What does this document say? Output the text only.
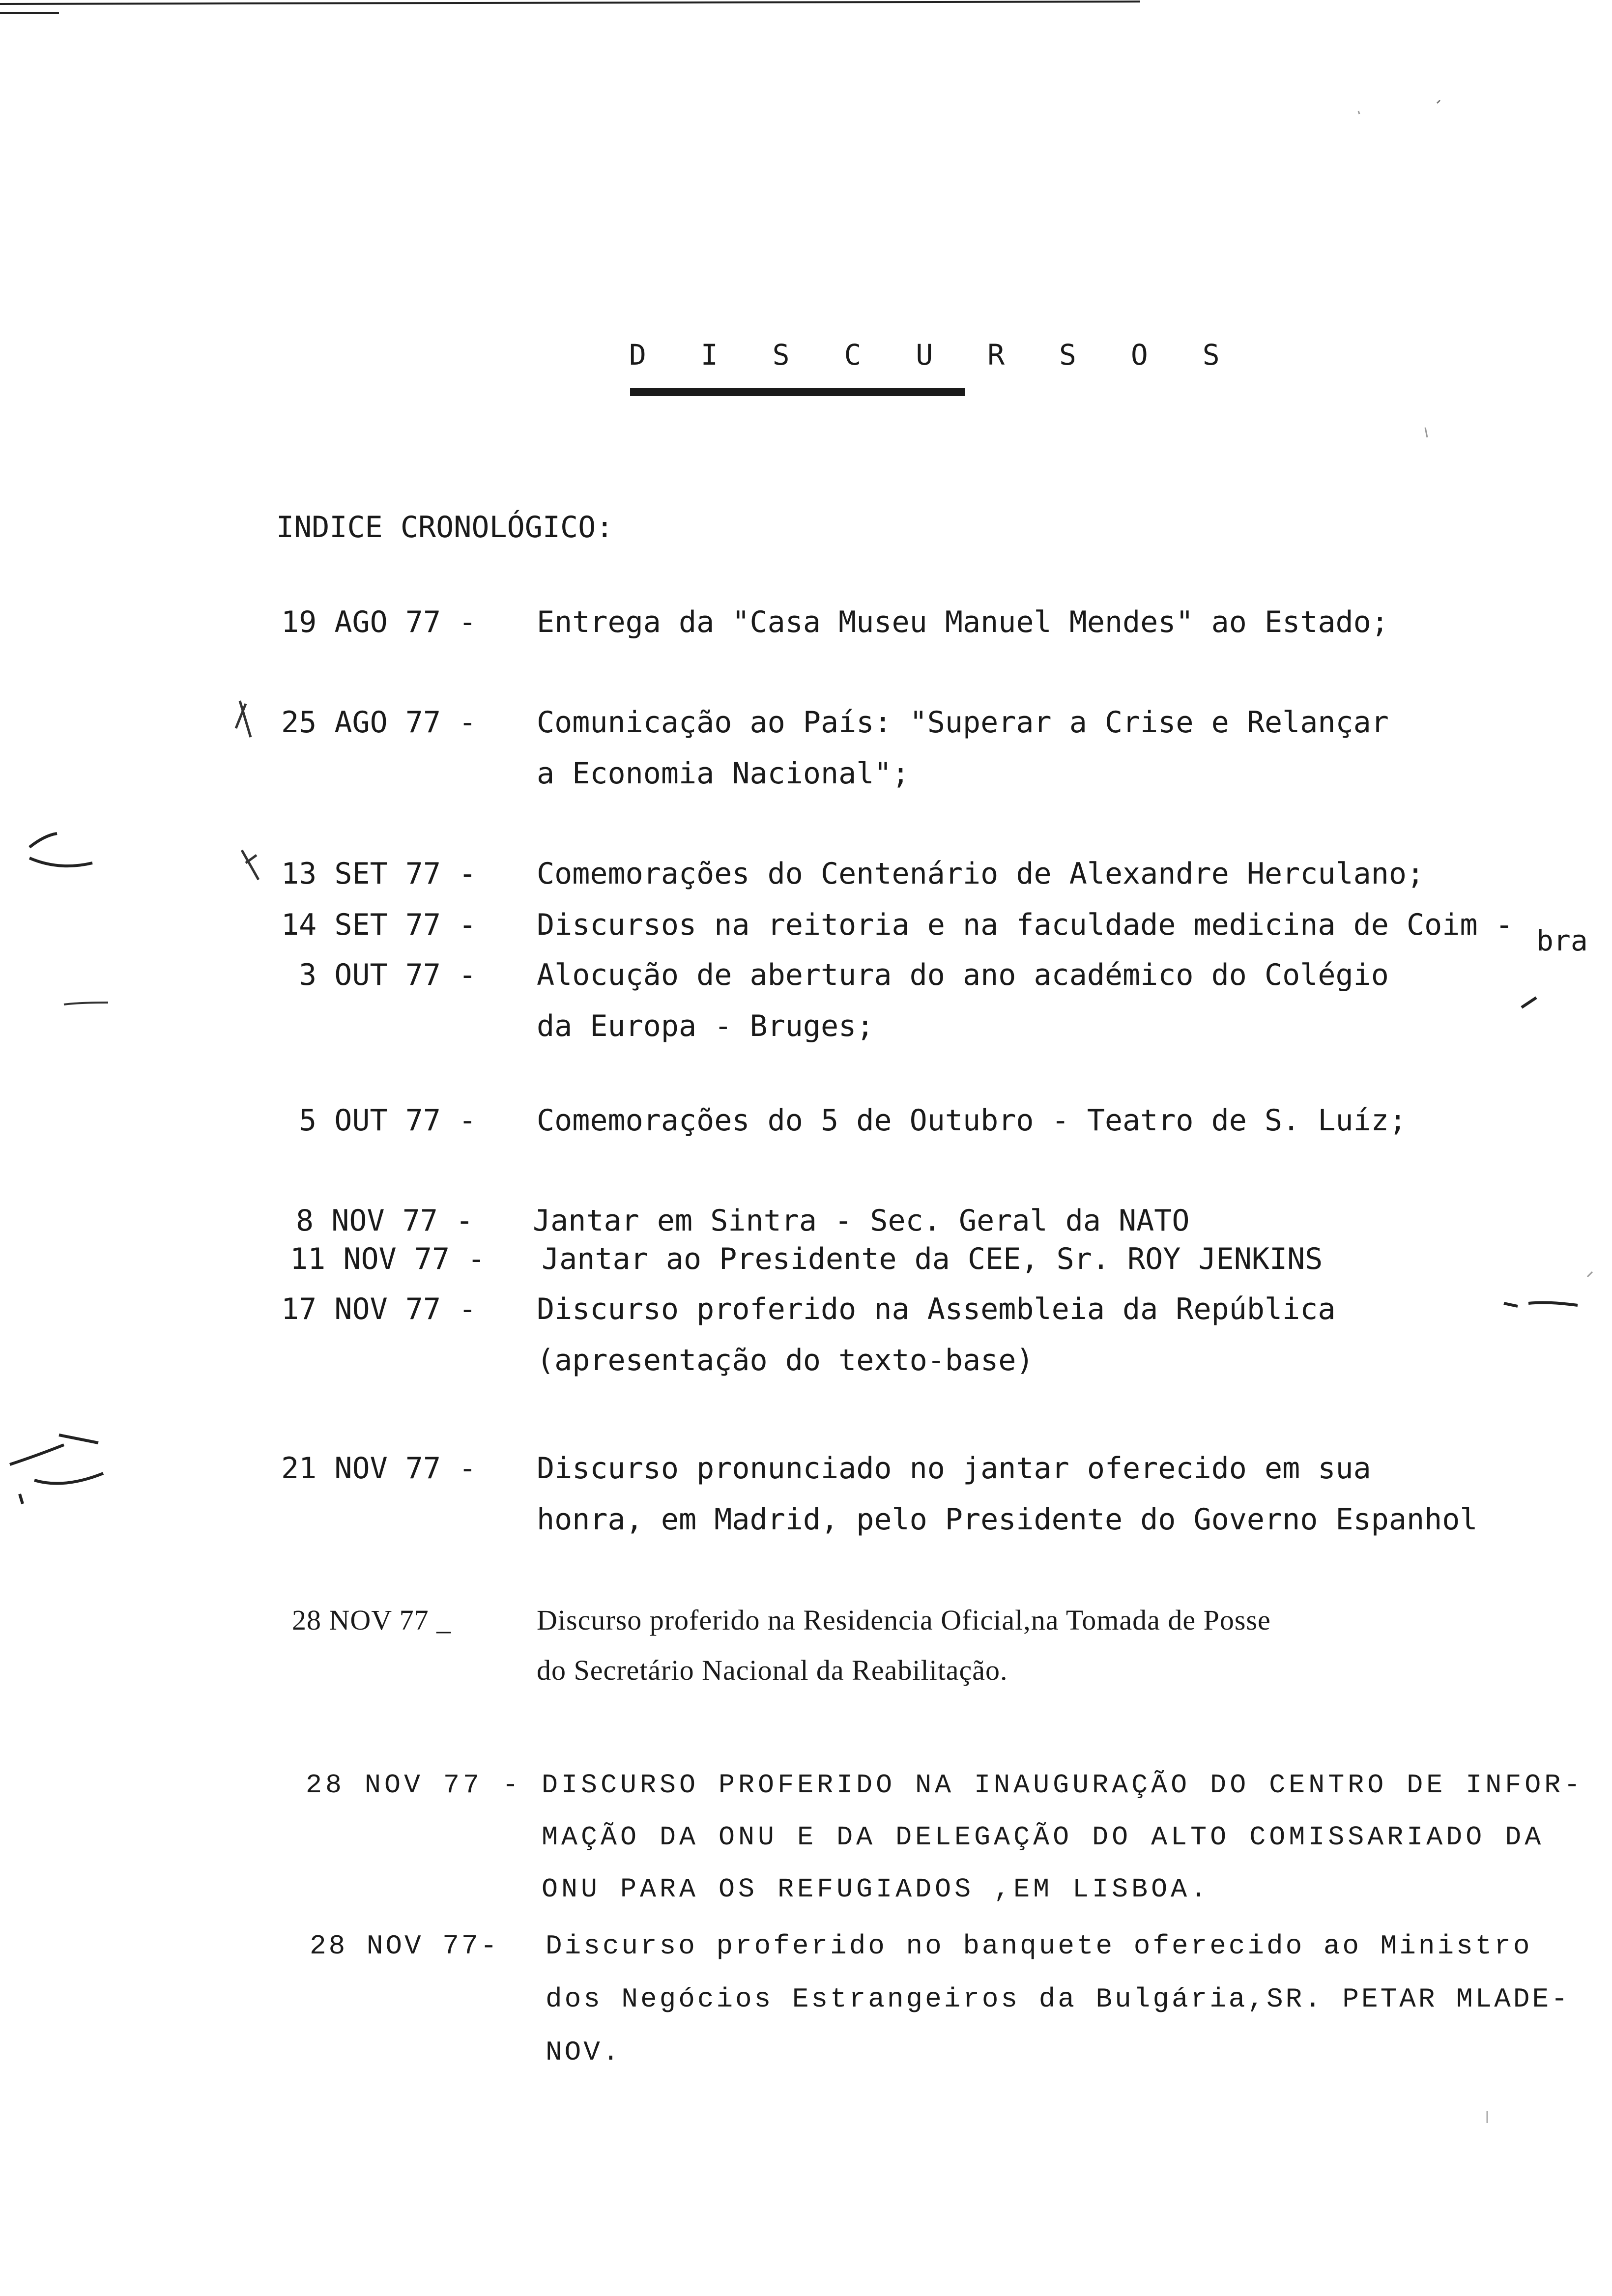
D I S C U R S O S
INDICE CRONOLÓGICO:
19 AGO 77 - Entrega da "Casa Museu Manuel Mendes" ao Estado;
25 AGO 77 - Comunicação ao País: "Superar a Crise e Relançar
a Economia Nacional";
13 SET 77 - Comemorações do Centenário de Alexandre Herculano;
14 SET 77 - Discursos na reitoria e na faculdade medicina de Coim -
3 OUT 77 - Alocução de abertura do ano académico do Colégio
da Europa - Bruges;
5 OUT 77 - Comemorações do 5 de Outubro - Teatro de S. Luíz;
8 NOV 77 - Jantar em Sintra - Sec. Geral da NATO
11 NOV 77 - Jantar ao Presidente da CEE, Sr. ROY JENKINS
17 NOV 77 - Discurso proferido na Assembleia da República
(apresentação do texto-base)
21 NOV 77 - Discurso pronunciado no jantar oferecido em sua
honra, em Madrid, pelo Presidente do Governo Espanhol
28 NOV 77 _	Discurso proferido na Residencia Oficial,na Tomada de Posse
do Secretário Nacional da Reabilitação.
28 NOV 77 - DISCURSO PROFERIDO NA INAUGURAÇÃO DO CENTRO DE INFOR-
MAÇÃO DA ONU E DA DELEGAÇÃO DO ALTO COMISSARIADO DA
ONU PARA OS REFUGIADOS ,EM LISBOA.
28 NOV 77- Discurso proferido no banquete oferecido ao Ministro
dos Negócios Estrangeiros da Bulgária,SR. PETAR MLADE-
NOV.
bra
